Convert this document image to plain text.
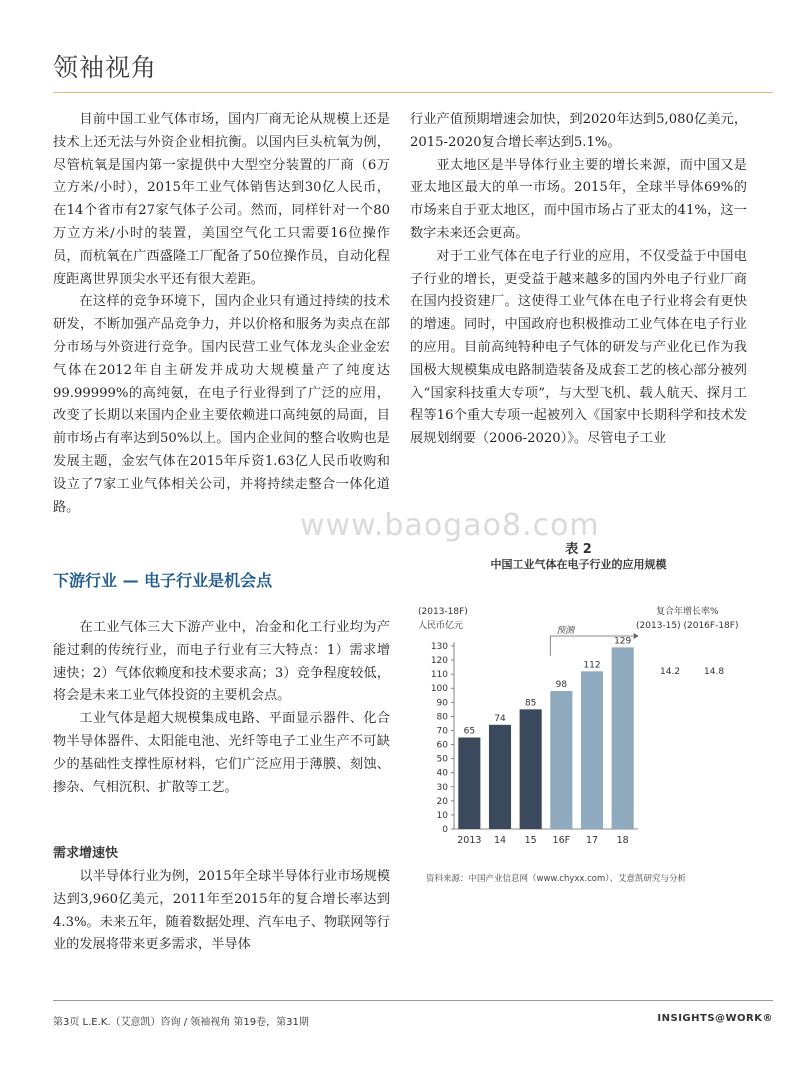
领袖视角

目前中国工业气体市场，国内厂商无论从规模上还是技术上还无法与外资企业相抗衡。以国内巨头杭氧为例，尽管杭氧是国内第一家提供中大型空分装置的厂商（6万立方米/小时），2015年工业气体销售达到30亿人民币，在14个省市有27家气体子公司。然而，同样针对一个80万立方米/小时的装置，美国空气化工只需要16位操作员，而杭氧在广西盛隆工厂配备了50位操作员，自动化程度距离世界顶尖水平还有很大差距。

在这样的竞争环境下，国内企业只有通过持续的技术研发，不断加强产品竞争力，并以价格和服务为卖点在部分市场与外资进行竞争。国内民营工业气体龙头企业金宏气体在2012年自主研发并成功大规模量产了纯度达99.99999%的高纯氨，在电子行业得到了广泛的应用，改变了长期以来国内企业主要依赖进口高纯氨的局面，目前市场占有率达到50%以上。国内企业间的整合收购也是发展主题，金宏气体在2015年斥资1.63亿人民币收购和设立了7家工业气体相关公司，并将持续走整合一体化道路。

www.baogao8.com
下游行业 — 电子行业是机会点

在工业气体三大下游产业中，冶金和化工行业均为产能过剩的传统行业，而电子行业有三大特点：1）需求增速快；2）气体依赖度和技术要求高；3）竞争程度较低，将会是未来工业气体投资的主要机会点。

工业气体是超大规模集成电路、平面显示器件、化合物半导体器件、太阳能电池、光纤等电子工业生产不可缺少的基础性支撑性原材料，它们广泛应用于薄膜、刻蚀、掺杂、气相沉积、扩散等工艺。

需求增速快

以半导体行业为例，2015年全球半导体行业市场规模达到3,960亿美元，2011年至2015年的复合增长率达到4.3%。未来五年，随着数据处理、汽车电子、物联网等行业的发展将带来更多需求，半导体

行业产值预期增速会加快，到2020年达到5,080亿美元，2015-2020复合增长率达到5.1%。

亚太地区是半导体行业主要的增长来源，而中国又是亚太地区最大的单一市场。2015年，全球半导体69%的市场来自于亚太地区，而中国市场占了亚太的41%，这一数字未来还会更高。

对于工业气体在电子行业的应用，不仅受益于中国电子行业的增长，更受益于越来越多的国内外电子行业厂商在国内投资建厂。这使得工业气体在电子行业将会有更快的增速。同时，中国政府也积极推动工业气体在电子行业的应用。目前高纯特种电子气体的研发与产业化已作为我国极大规模集成电路制造装备及成套工艺的核心部分被列入“国家科技重大专项”，与大型飞机、载人航天、探月工程等16个重大专项一起被列入《国家中长期科学和技术发展规划纲要（2006-2020）》。尽管电子工业

表 2
中国工业气体在电子行业的应用规模
(2013-18F)
人民币亿元
复合年增长率%
(2013-15) (2016F-18F)
14.2	14.8
0
10
20
30
40
50
60
70
80
90
100
110
120
130
65
2013
74
14
85
15
98
16F
112
17
129
18
预测
资料来源：中国产业信息网（www.chyxx.com）、艾意凯研究与分析
第3页 L.E.K.（艾意凯）咨询 / 领袖视角 第19卷，第31期	INSIGHTS@WORK®
